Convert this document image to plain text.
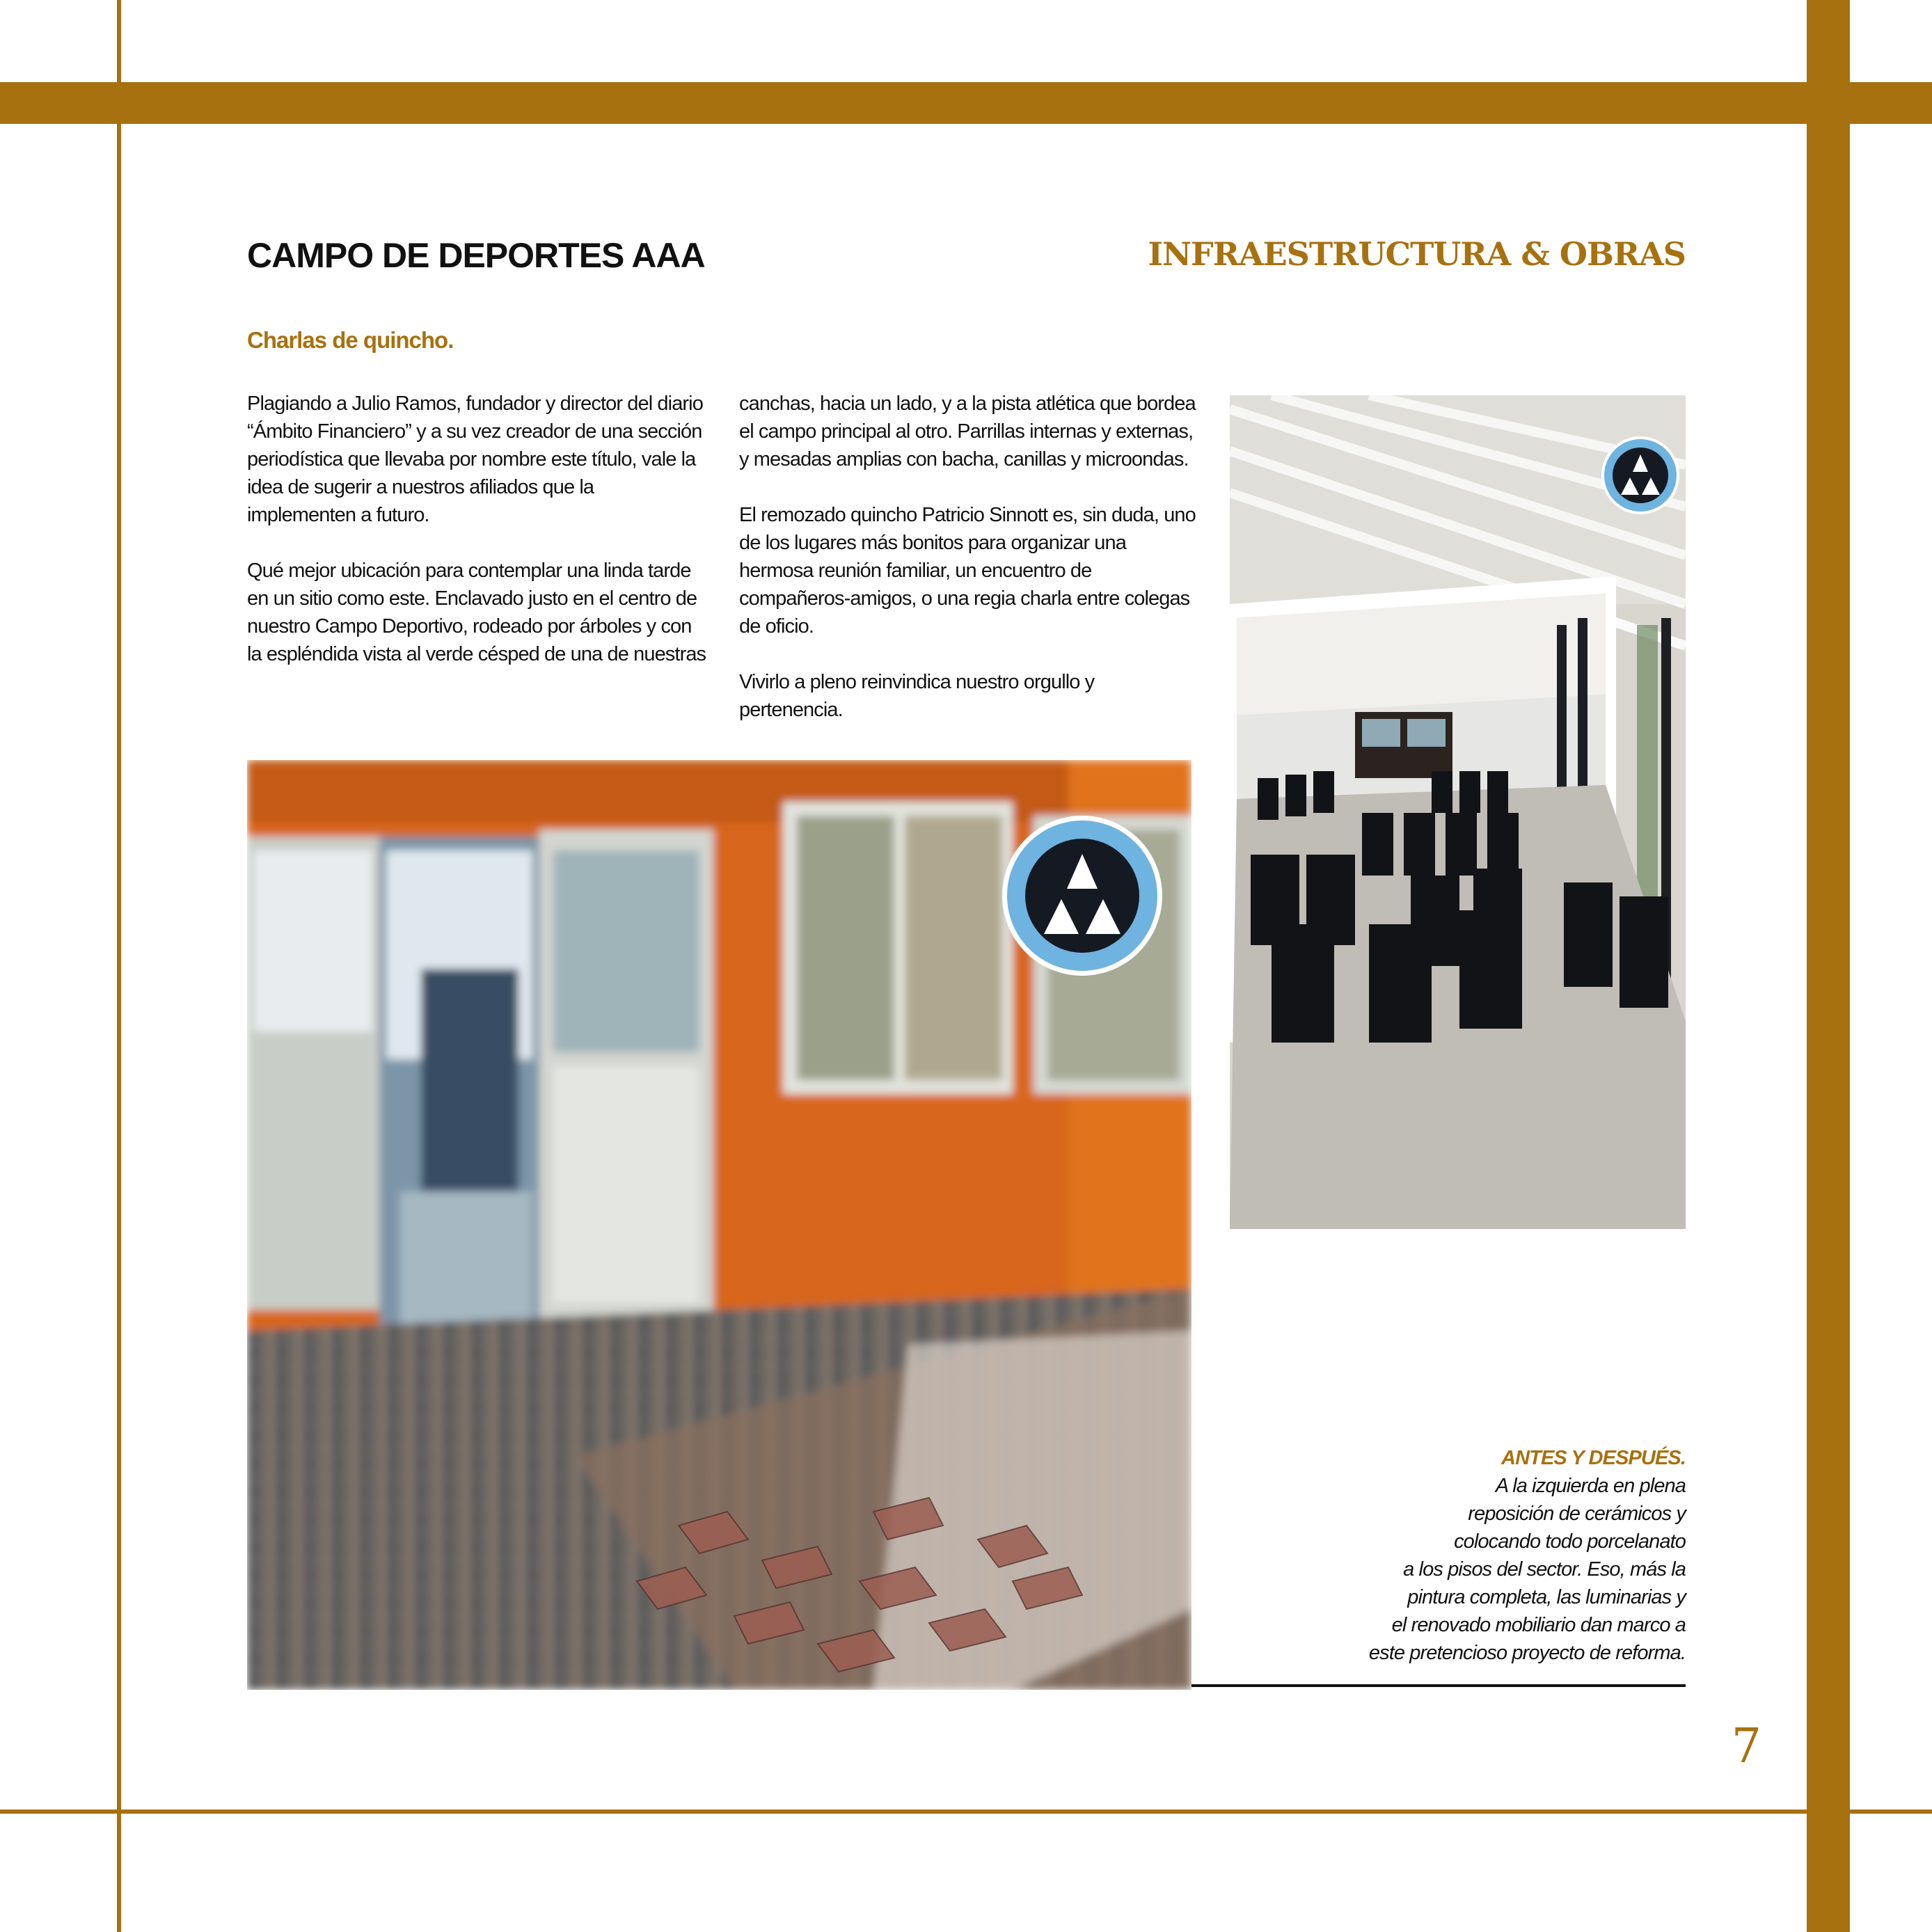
CAMPO DE DEPORTES AAA	INFRAESTRUCTURA & OBRAS
Charlas de quincho.

Plagiando a Julio Ramos, fundador y director del diario “Ámbito Financiero” y a su vez creador de una sección periodística que llevaba por nombre este título, vale la idea de sugerir a nuestros afiliados que la implementen a futuro.

Qué mejor ubicación para contemplar una linda tarde en un sitio como este. Enclavado justo en el centro de nuestro Campo Deportivo, rodeado por árboles y con la espléndida vista al verde césped de una de nuestras

canchas, hacia un lado, y a la pista atlética que bordea el campo principal al otro. Parrillas internas y externas, y mesadas amplias con bacha, canillas y microondas.

El remozado quincho Patricio Sinnott es, sin duda, uno de los lugares más bonitos para organizar una hermosa reunión familiar, un encuentro de compañeros-amigos, o una regia charla entre colegas de oficio.

Vivirlo a pleno reinvindica nuestro orgullo y pertenencia.

ANTES Y DESPUÉS.
A la izquierda en plena
reposición de cerámicos y
colocando todo porcelanato
a los pisos del sector. Eso, más la
pintura completa, las luminarias y
el renovado mobiliario dan marco a
este pretencioso proyecto de reforma.
7
